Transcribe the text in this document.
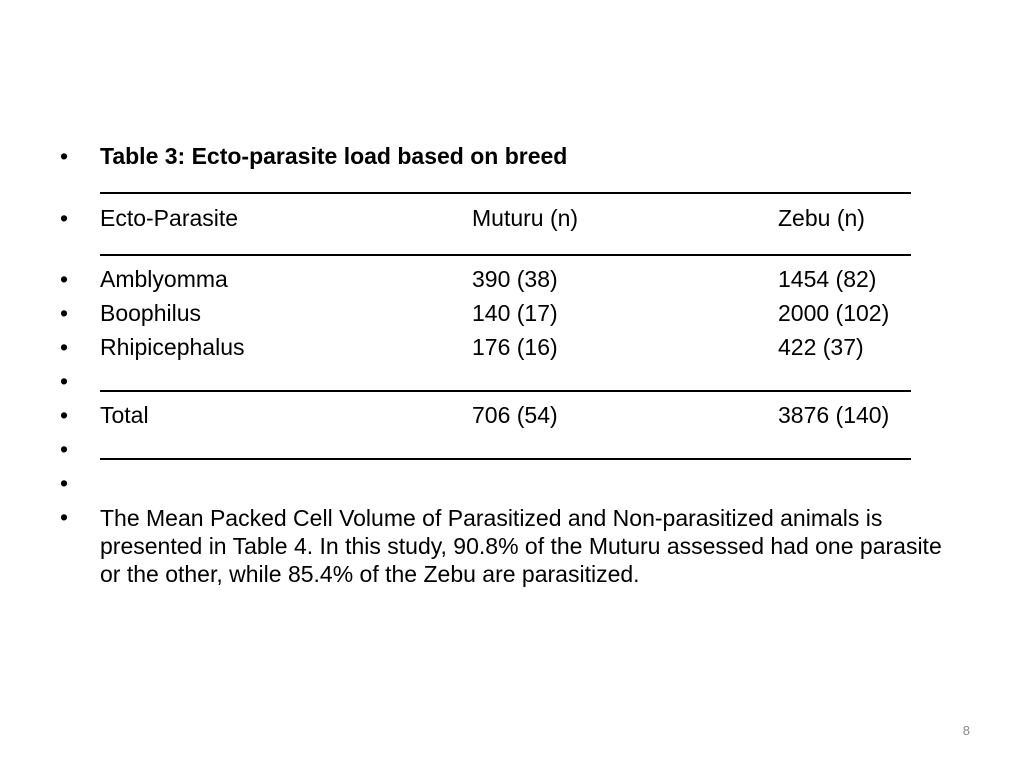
• Table 3: Ecto-parasite load based on breed
• Ecto-Parasite	Muturu (n)	Zebu (n)
• Amblyomma	390 (38)	1454 (82)
• Boophilus	140 (17)	2000 (102)
• Rhipicephalus	176 (16)	422 (37)
•
• Total	706 (54)	3876 (140)
•
•
• The Mean Packed Cell Volume of Parasitized and Non-parasitized animals is presented in Table 4. In this study, 90.8% of the Muturu assessed had one parasite or the other, while 85.4% of the Zebu are parasitized.
8
